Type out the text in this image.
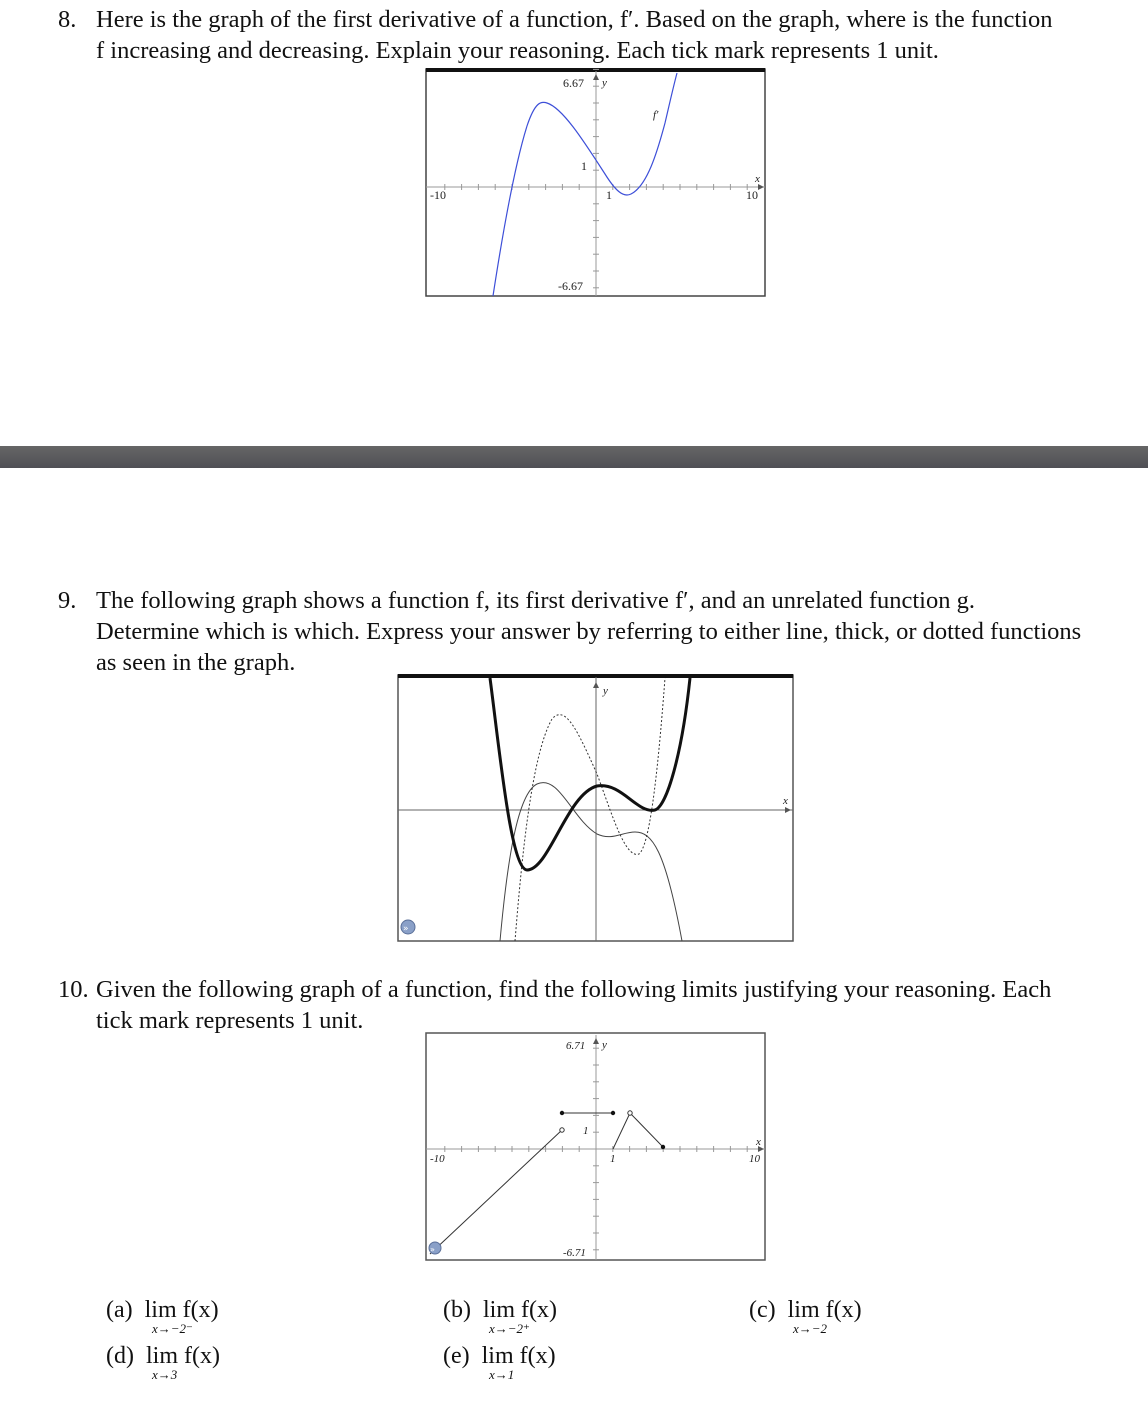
8. Here is the graph of the first derivative of a function, f′. Based on the graph, where is the function

f increasing and decreasing. Explain your reasoning. Each tick mark represents 1 unit.

6.67 y
-6.67
-10	10
x
1
1
f′
9. The following graph shows a function f, its first derivative f′, and an unrelated function g.

Determine which is which. Express your answer by referring to either line, thick, or dotted functions

as seen in the graph.

y
x
»
10. Given the following graph of a function, find the following limits justifying your reasoning. Each

tick mark represents 1 unit.

6.71 y
-6.71
-10	10
x
1
1
»
(a) lim f(x)
x→−2⁻
(b) lim f(x)
x→−2⁺
(c) lim f(x)
x→−2
(d) lim f(x)
x→3
(e) lim f(x)
x→1
